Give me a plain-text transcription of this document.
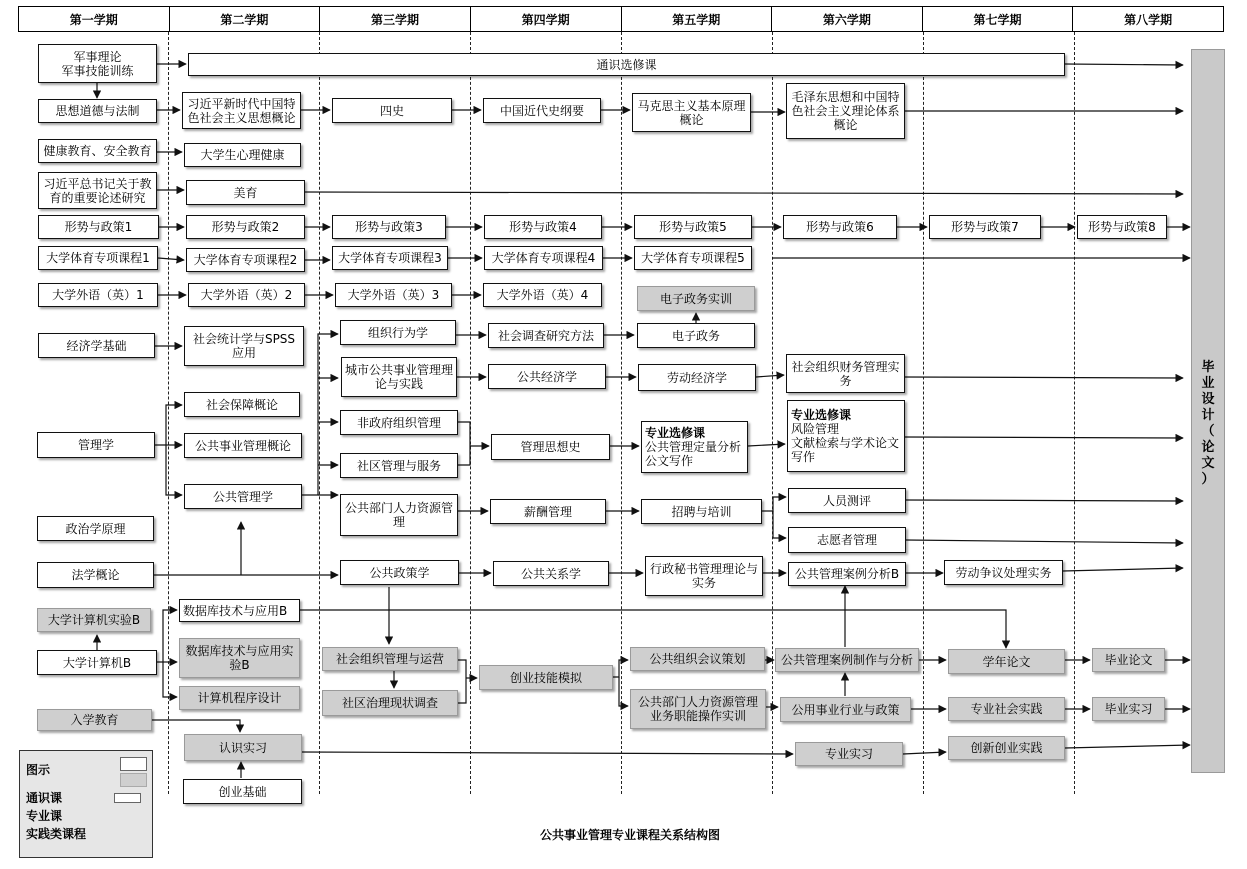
第一学期	第二学期	第三学期	第四学期	第五学期	第六学期	第七学期	第八学期
通识选修课
军事理论
军事技能训练
思想道德与法制
健康教育、安全教育
习近平总书记关于教育的重要论述研究
形势与政策1
大学体育专项课程1
大学外语（英）1
经济学基础
管理学
政治学原理
法学概论
大学计算机实验B
大学计算机B
入学教育
习近平新时代中国特色社会主义思想概论
大学生心理健康
美育
形势与政策2
大学体育专项课程2
大学外语（英）2
社会统计学与SPSS应用
社会保障概论
公共事业管理概论
公共管理学
数据库技术与应用B
数据库技术与应用实验B
计算机程序设计
认识实习
创业基础
四史
形势与政策3
大学体育专项课程3
大学外语（英）3
组织行为学
城市公共事业管理理论与实践
非政府组织管理
社区管理与服务
公共部门人力资源管理
公共政策学
社会组织管理与运营
社区治理现状调查
中国近代史纲要
形势与政策4
大学体育专项课程4
大学外语（英）4
社会调查研究方法
公共经济学
管理思想史
薪酬管理
公共关系学
创业技能模拟
马克思主义基本原理概论
形势与政策5
大学体育专项课程5
电子政务实训
电子政务
劳动经济学
专业选修课
公共管理定量分析
公文写作
招聘与培训
行政秘书管理理论与实务
公共组织会议策划
公共部门人力资源管理业务职能操作实训
毛泽东思想和中国特色社会主义理论体系概论
形势与政策6
社会组织财务管理实务
专业选修课
风险管理
文献检索与学术论文写作
人员测评
志愿者管理
公共管理案例分析B
公共管理案例制作与分析
公用事业行业与政策
专业实习
形势与政策7
劳动争议处理实务
学年论文
专业社会实践
创新创业实践
形势与政策8
毕业论文
毕业实习
毕
业
设
计
（
论
文
）
图示
通识课
专业课
实践类课程	公共事业管理专业课程关系结构图
